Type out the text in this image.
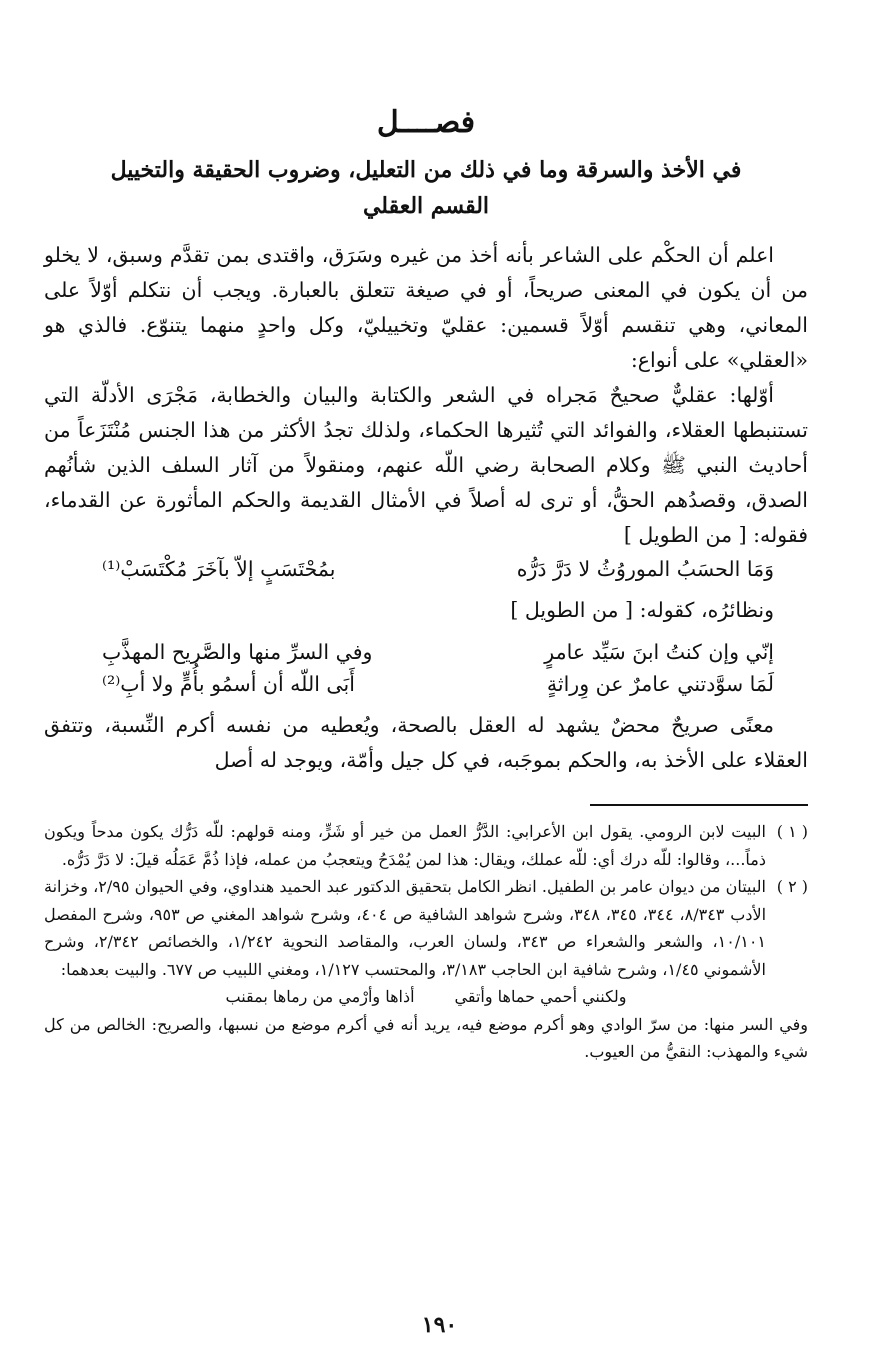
فصــــل
في الأخذ والسرقة وما في ذلك من التعليل، وضروب الحقيقة والتخييل
القسم العقلي

اعلم أن الحكْم على الشاعر بأنه أخذ من غيره وسَرَق، واقتدى بمن تقدَّم وسبق، لا يخلو من أن يكون في المعنى صريحاً، أو في صيغة تتعلق بالعبارة. ويجب أن نتكلم أوّلاً على المعاني، وهي تنقسم أوّلاً قسمين: عقليّ وتخييليّ، وكل واحدٍ منهما يتنوّع. فالذي هو «العقلي» على أنواع:

أوّلها: عقليٌّ صحيحٌ مَجراه في الشعر والكتابة والبيان والخطابة، مَجْرَى الأدلّة التي تستنبطها العقلاء، والفوائد التي تُثيرها الحكماء، ولذلك تجدُ الأكثر من هذا الجنس مُنْتَزَعاً من أحاديث النبي ﷺ وكلام الصحابة رضي اللّه عنهم، ومنقولاً من آثار السلف الذين شأنُهم الصدق، وقصدُهم الحقُّ، أو ترى له أصلاً في الأمثال القديمة والحكم المأثورة عن القدماء، فقوله: [ من الطويل ]

وَمَا الحسَبُ الموروُثُ لا دَرَّ دَرُّه
بمُحْتَسَبٍ إلاّ بآخَرَ مُكْتَسَبْ⁽¹⁾

ونظائرُه، كقوله: [ من الطويل ]

إنّي وإن كنتُ ابنَ سَيِّد عامرٍ
وفي السرِّ منها والصَّريح المهذَّبِ
لَمَا سوَّدتني عامرٌ عن وِراثةٍ
أَبَى اللّه أن أسمُو بأُمٍّ ولا أبِ⁽²⁾

معنًى صريحٌ محضٌ يشهد له العقل بالصحة، ويُعطيه من نفسه أكرم النِّسبة، وتتفق العقلاء على الأخذ به، والحكم بموجَبه، في كل جيل وأمّة، ويوجد له أصل

( ١ )
البيت لابن الرومي. يقول ابن الأعرابي: الدَّرُّ العمل من خير أو شَرٍّ، ومنه قولهم: للّه دَرُّك يكون مدحاً ويكون ذماً...، وقالوا: للّه درك أي: للّه عملك، ويقال: هذا لمن يُمْدَحُ ويتعجبُ من عمله، فإذا ذُمَّ عَمَلُه قيلَ: لا دَرَّ دَرُّه.
( ٢ )
البيتان من ديوان عامر بن الطفيل. انظر الكامل بتحقيق الدكتور عبد الحميد هنداوي، وفي الحيوان ٢/٩٥، وخزانة الأدب ٨/٣٤٣، ٣٤٤، ٣٤٥، ٣٤٨، وشرح شواهد الشافية ص ٤٠٤، وشرح شواهد المغني ص ٩٥٣، وشرح المفصل ١٠/١٠١، والشعر والشعراء ص ٣٤٣، ولسان العرب، والمقاصد النحوية ١/٢٤٢، والخصائص ٢/٣٤٢، وشرح الأشموني ١/٤٥، وشرح شافية ابن الحاجب ٣/١٨٣، والمحتسب ١/١٢٧، ومغني اللبيب ص ٦٧٧. والبيت بعدهما:
ولكنني أحمي حماها وأتقي
أذاها وأرْمي من رماها بمقنب
وفي السر منها: من سرّ الوادي وهو أكرم موضع فيه، يريد أنه في أكرم موضع من نسبها، والصريح: الخالص من كل شيء والمهذب: النقيُّ من العيوب.
١٩٠
